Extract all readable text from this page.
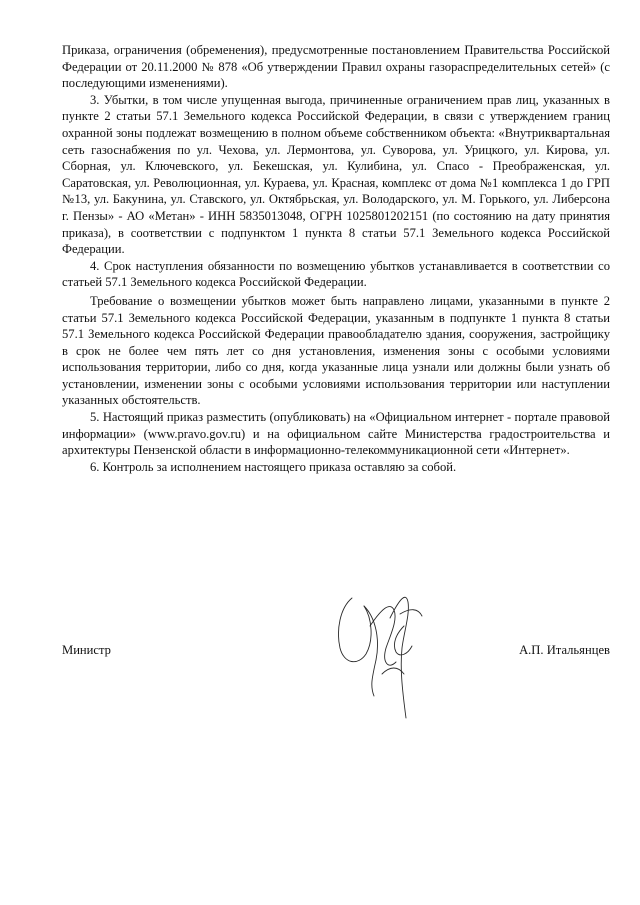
Приказа, ограничения (обременения), предусмотренные постановлением Правительства Российской Федерации от 20.11.2000 № 878 «Об утверждении Правил охраны газораспределительных сетей» (с последующими изменениями).

3. Убытки, в том числе упущенная выгода, причиненные ограничением прав лиц, указанных в пункте 2 статьи 57.1 Земельного кодекса Российской Федерации, в связи с утверждением границ охранной зоны подлежат возмещению в полном объеме собственником объекта: «Внутриквартальная сеть газоснабжения по ул. Чехова, ул. Лермонтова, ул. Суворова, ул. Урицкого, ул. Кирова, ул. Сборная, ул. Ключевского, ул. Бекешская, ул. Кулибина, ул. Спасо - Преображенская, ул. Саратовская, ул. Революционная, ул. Кураева, ул. Красная, комплекс от дома №1 комплекса 1 до ГРП №13, ул. Бакунина, ул. Ставского, ул. Октябрьская, ул. Володарского, ул. М. Горького, ул. Либерсона г. Пензы» - АО «Метан» - ИНН 5835013048, ОГРН 1025801202151 (по состоянию на дату принятия приказа), в соответствии с подпунктом 1 пункта 8 статьи 57.1 Земельного кодекса Российской Федерации.

4. Срок наступления обязанности по возмещению убытков устанавливается в соответствии со статьей 57.1 Земельного кодекса Российской Федерации.

Требование о возмещении убытков может быть направлено лицами, указанными в пункте 2 статьи 57.1 Земельного кодекса Российской Федерации, указанным в подпункте 1 пункта 8 статьи 57.1 Земельного кодекса Российской Федерации правообладателю здания, сооружения, застройщику в срок не более чем пять лет со дня установления, изменения зоны с особыми условиями использования территории, либо со дня, когда указанные лица узнали или должны были узнать об установлении, изменении зоны с особыми условиями использования территории или наступлении указанных обстоятельств.

5. Настоящий приказ разместить (опубликовать) на «Официальном интернет - портале правовой информации» (www.pravo.gov.ru) и на официальном сайте Министерства градостроительства и архитектуры Пензенской области в информационно-телекоммуникационной сети «Интернет».

6. Контроль за исполнением настоящего приказа оставляю за собой.

Министр	А.П. Итальянцев
